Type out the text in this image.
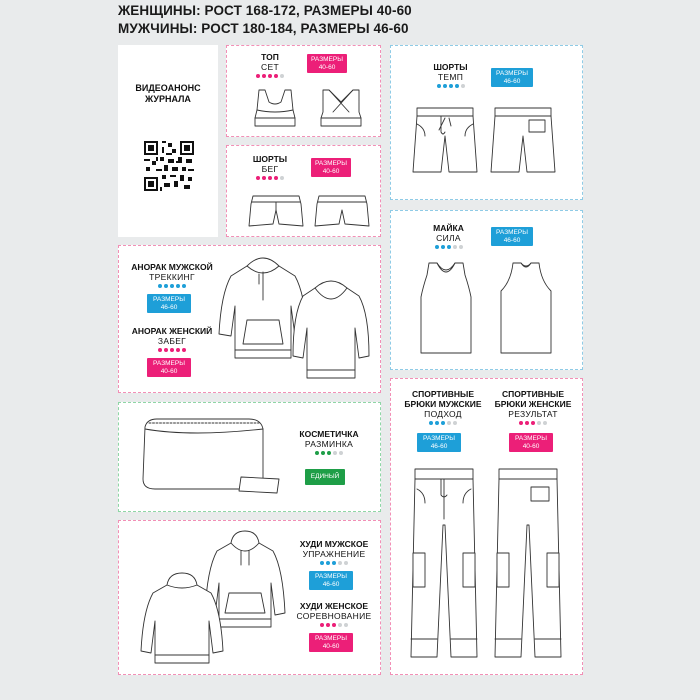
ЖЕНЩИНЫ: РОСТ 168-172, РАЗМЕРЫ 40-60
МУЖЧИНЫ: РОСТ 180-184, РАЗМЕРЫ 46-60
ВИДЕОАНОНС ЖУРНАЛА
ТОП
СЕТ
РАЗМЕРЫ
40-60
ШОРТЫ
БЕГ
РАЗМЕРЫ
40-60
ШОРТЫ
ТЕМП	РАЗМЕРЫ
46-60
МАЙКА
СИЛА
РАЗМЕРЫ
46-60
АНОРАК МУЖСКОЙ
ТРЕККИНГ
РАЗМЕРЫ
46-60
АНОРАК ЖЕНСКИЙ
ЗАБЕГ
РАЗМЕРЫ
40-60
КОСМЕТИЧКА
РАЗМИНКА
ЕДИНЫЙ
ХУДИ МУЖСКОЕ
УПРАЖНЕНИЕ
РАЗМЕРЫ
46-60
ХУДИ ЖЕНСКОЕ
СОРЕВНОВАНИЕ
РАЗМЕРЫ
40-60
СПОРТИВНЫЕ
БРЮКИ МУЖСКИЕ
ПОДХОД
РАЗМЕРЫ
46-60
СПОРТИВНЫЕ
БРЮКИ ЖЕНСКИЕ
РЕЗУЛЬТАТ
РАЗМЕРЫ
40-60
